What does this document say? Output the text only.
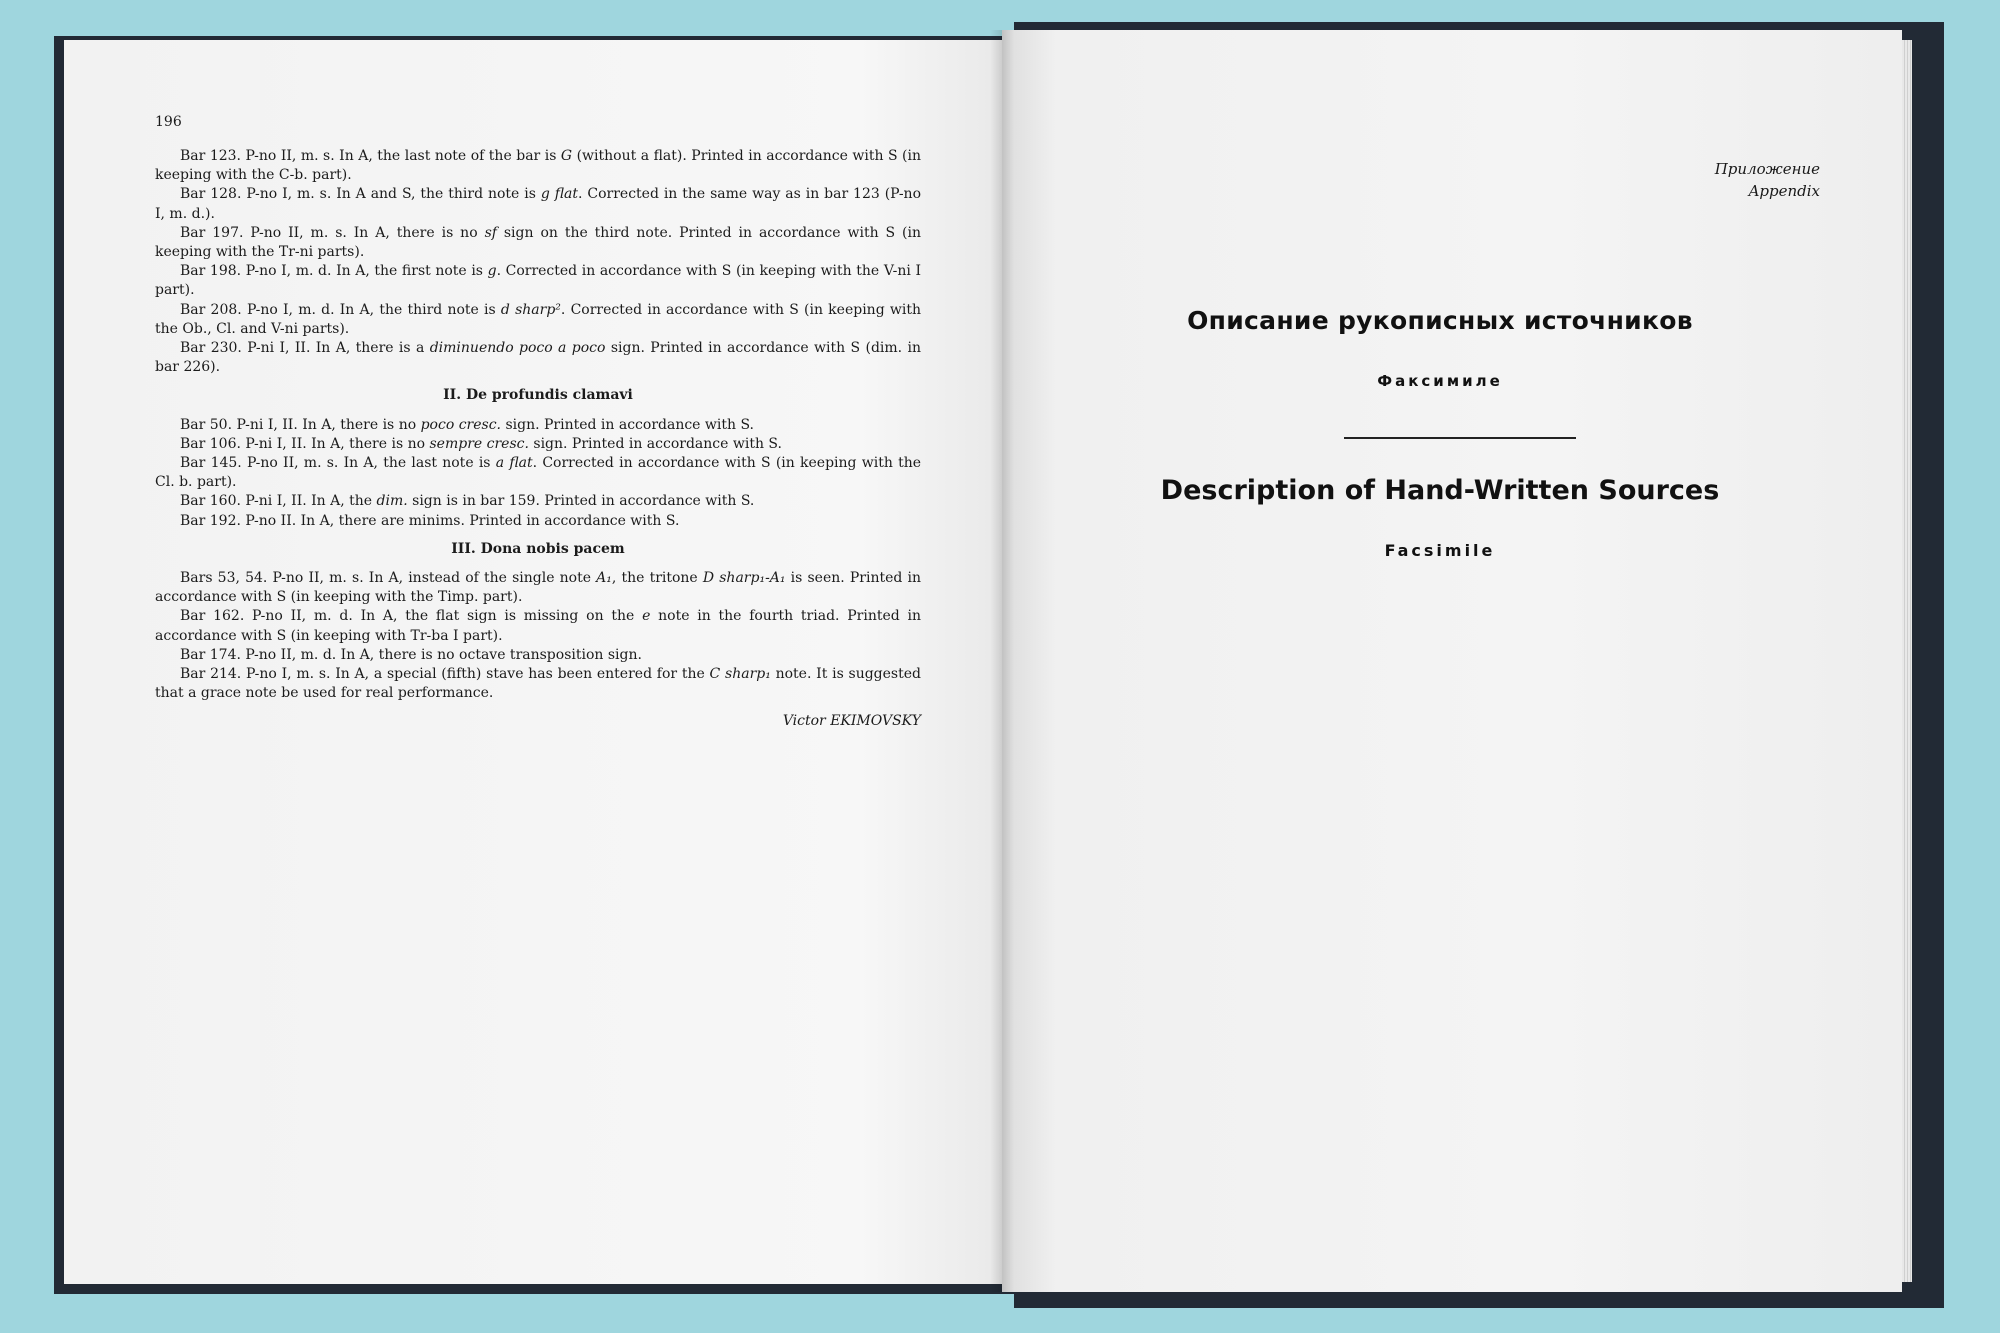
196

Bar 123. P-no II, m. s. In A, the last note of the bar is G (without a flat). Printed in accordance with S (in keeping with the C-b. part).

Bar 128. P-no I, m. s. In A and S, the third note is g flat. Corrected in the same way as in bar 123 (P-no I, m. d.).

Bar 197. P-no II, m. s. In A, there is no sf sign on the third note. Printed in accordance with S (in keeping with the Tr-ni parts).

Bar 198. P-no I, m. d. In A, the first note is g. Corrected in accordance with S (in keeping with the V-ni I part).

Bar 208. P-no I, m. d. In A, the third note is d sharp². Corrected in accordance with S (in keeping with the Ob., Cl. and V-ni parts).

Bar 230. P-ni I, II. In A, there is a diminuendo poco a poco sign. Printed in accordance with S (dim. in bar 226).

II. De profundis clamavi

Bar 50. P-ni I, II. In A, there is no poco cresc. sign. Printed in accordance with S.

Bar 106. P-ni I, II. In A, there is no sempre cresc. sign. Printed in accordance with S.

Bar 145. P-no II, m. s. In A, the last note is a flat. Corrected in accordance with S (in keeping with the Cl. b. part).

Bar 160. P-ni I, II. In A, the dim. sign is in bar 159. Printed in accordance with S.

Bar 192. P-no II. In A, there are minims. Printed in accordance with S.

III. Dona nobis pacem

Bars 53, 54. P-no II, m. s. In A, instead of the single note A₁, the tritone D sharp₁-A₁ is seen. Printed in accordance with S (in keeping with the Timp. part).

Bar 162. P-no II, m. d. In A, the flat sign is missing on the e note in the fourth triad. Printed in accordance with S (in keeping with Tr-ba I part).

Bar 174. P-no II, m. d. In A, there is no octave transposition sign.

Bar 214. P-no I, m. s. In A, a special (fifth) stave has been entered for the C sharp₁ note. It is suggested that a grace note be used for real performance.

Victor EKIMOVSKY

Приложение
Appendix
Описание рукописных источников
Факсимиле
Description of Hand-Written Sources
Facsimile
